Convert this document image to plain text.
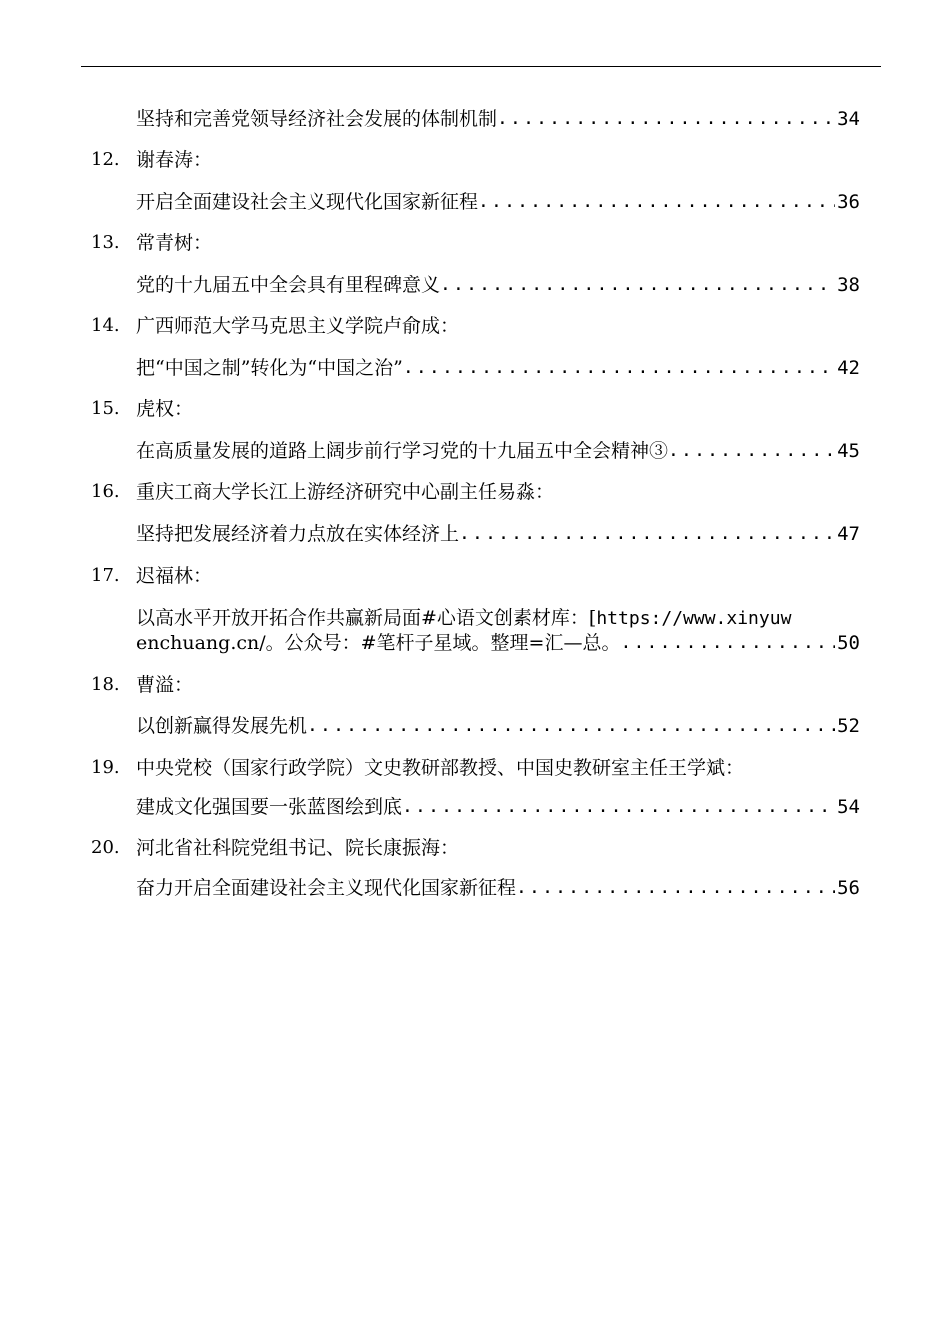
坚持和完善党领导经济社会发展的体制机制 .....	34
12. 谢春涛：
开启全面建设社会主义现代化国家新征程 .....	36
13. 常青树：
党的十九届五中全会具有里程碑意义 .....	38
14. 广西师范大学马克思主义学院卢俞成：
把“中国之制”转化为“中国之治” .....	42
15. 虎权：
在高质量发展的道路上阔步前行学习党的十九届五中全会精神③ .....	45
16. 重庆工商大学长江上游经济研究中心副主任易淼：
坚持把发展经济着力点放在实体经济上 .....	47
17. 迟福林：
以高水平开放开拓合作共赢新局面#心语文创素材库：[https://www.xinyuw
enchuang.cn/。公众号：#笔杆子星域。整理=汇—总。 .....	50
18. 曹溢：
以创新赢得发展先机 .....	52
19. 中央党校（国家行政学院）文史教研部教授、中国史教研室主任王学斌：
建成文化强国要一张蓝图绘到底 .....	54
20. 河北省社科院党组书记、院长康振海：
奋力开启全面建设社会主义现代化国家新征程 .....	56
